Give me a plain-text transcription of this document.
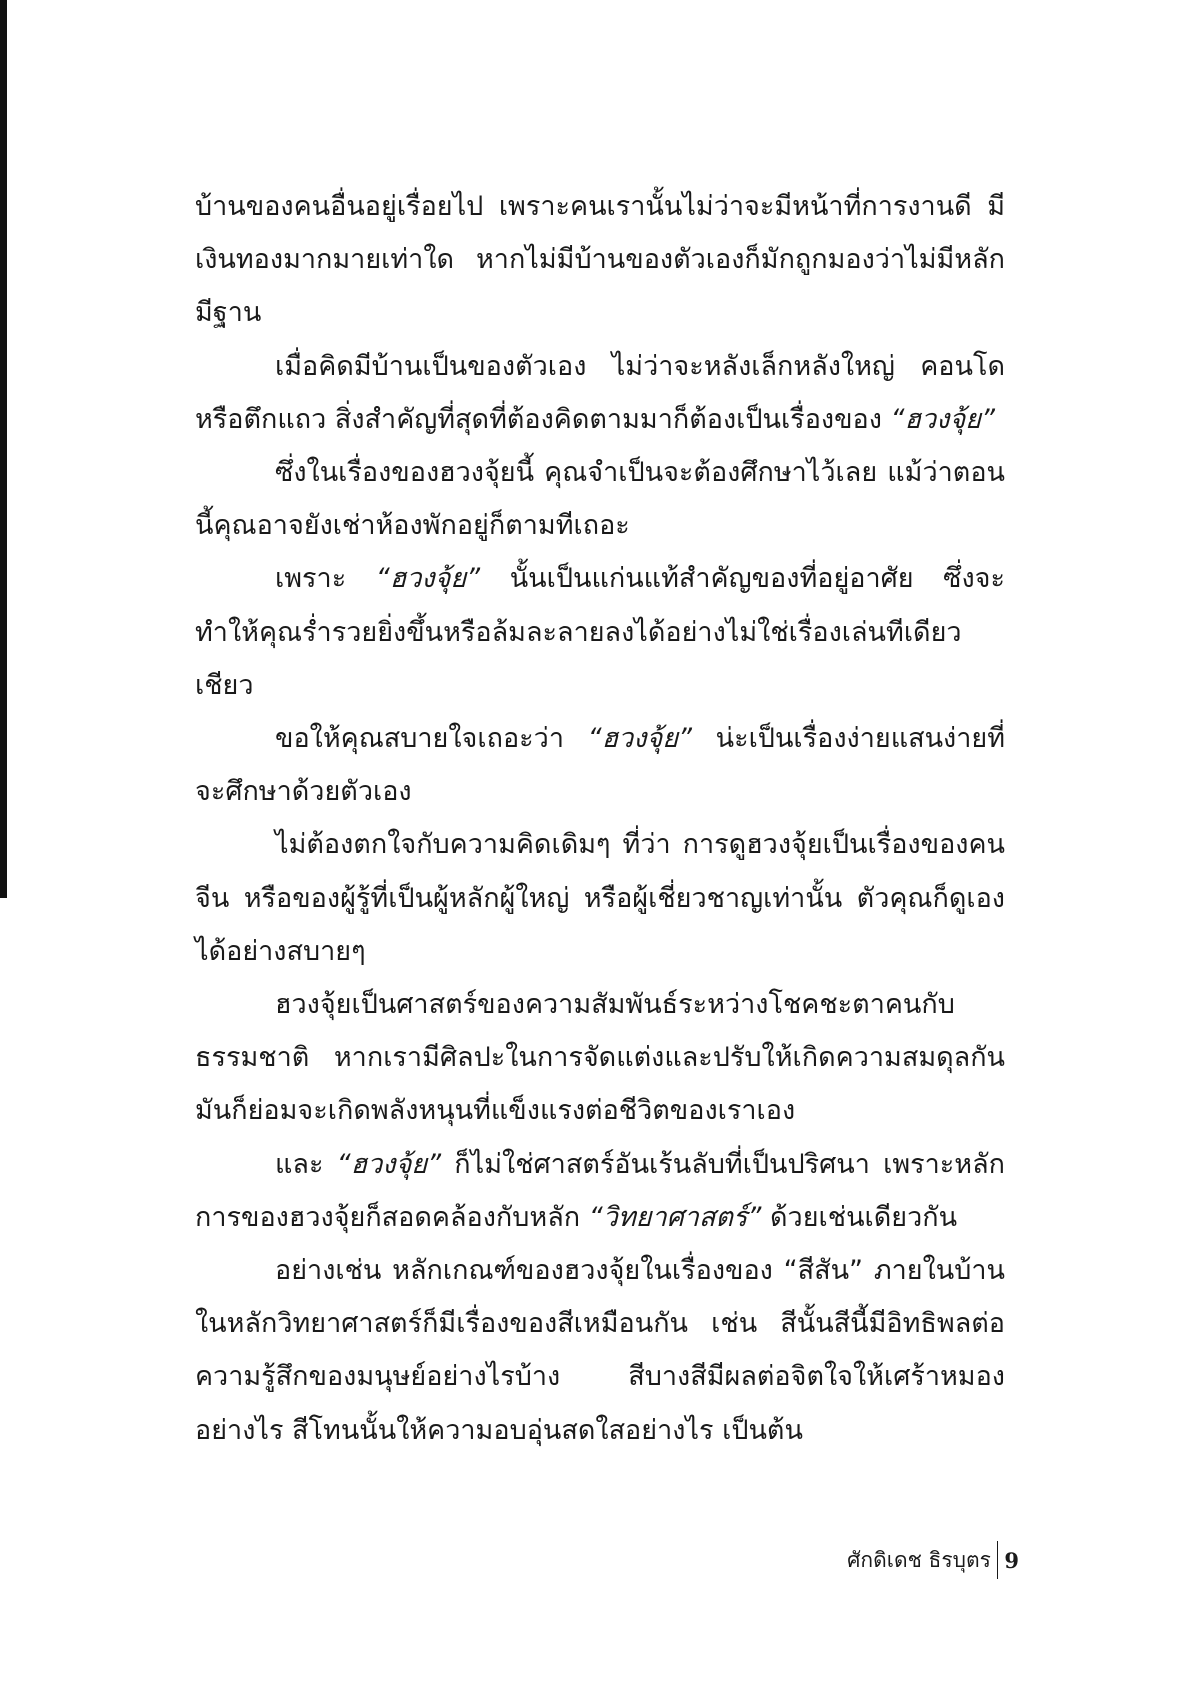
บ้านของคนอื่นอยู่เรื่อยไป เพราะคนเรานั้นไม่ว่าจะมีหน้าที่การงานดี มีเงินทองมากมายเท่าใด หากไม่มีบ้านของตัวเองก็มักถูกมองว่าไม่มีหลักมีฐาน

เมื่อคิดมีบ้านเป็นของตัวเอง ไม่ว่าจะหลังเล็กหลังใหญ่ คอนโด หรือตึกแถว สิ่งสำคัญที่สุดที่ต้องคิดตามมาก็ต้องเป็นเรื่องของ “ฮวงจุ้ย”

ซึ่งในเรื่องของฮวงจุ้ยนี้ คุณจำเป็นจะต้องศึกษาไว้เลย แม้ว่าตอนนี้คุณอาจยังเช่าห้องพักอยู่ก็ตามทีเถอะ

เพราะ “ฮวงจุ้ย” นั้นเป็นแก่นแท้สำคัญของที่อยู่อาศัย ซึ่งจะทำให้คุณร่ำรวยยิ่งขึ้นหรือล้มละลายลงได้อย่างไม่ใช่เรื่องเล่นทีเดียวเชียว

ขอให้คุณสบายใจเถอะว่า “ฮวงจุ้ย” น่ะเป็นเรื่องง่ายแสนง่ายที่จะศึกษาด้วยตัวเอง

ไม่ต้องตกใจกับความคิดเดิมๆ ที่ว่า การดูฮวงจุ้ยเป็นเรื่องของคนจีน หรือของผู้รู้ที่เป็นผู้หลักผู้ใหญ่ หรือผู้เชี่ยวชาญเท่านั้น ตัวคุณก็ดูเองได้อย่างสบายๆ

ฮวงจุ้ยเป็นศาสตร์ของความสัมพันธ์ระหว่างโชคชะตาคนกับธรรมชาติ หากเรามีศิลปะในการจัดแต่งและปรับให้เกิดความสมดุลกัน มันก็ย่อมจะเกิดพลังหนุนที่แข็งแรงต่อชีวิตของเราเอง

และ “ฮวงจุ้ย” ก็ไม่ใช่ศาสตร์อันเร้นลับที่เป็นปริศนา เพราะหลักการของฮวงจุ้ยก็สอดคล้องกับหลัก “วิทยาศาสตร์” ด้วยเช่นเดียวกัน

อย่างเช่น หลักเกณฑ์ของฮวงจุ้ยในเรื่องของ “สีสัน” ภายในบ้าน ในหลักวิทยาศาสตร์ก็มีเรื่องของสีเหมือนกัน เช่น สีนั้นสีนี้มีอิทธิพลต่อความรู้สึกของมนุษย์อย่างไรบ้าง สีบางสีมีผลต่อจิตใจให้เศร้าหมองอย่างไร สีโทนนั้นให้ความอบอุ่นสดใสอย่างไร เป็นต้น

ศักดิเดช ธิรบุตร 9
